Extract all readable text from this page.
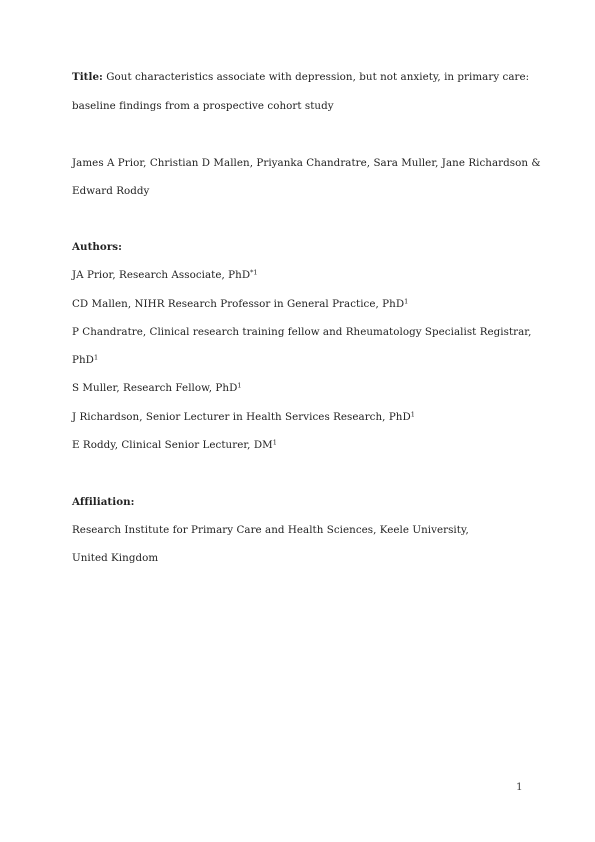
Title: Gout characteristics associate with depression, but not anxiety, in primary care:

baseline findings from a prospective cohort study

James A Prior, Christian D Mallen, Priyanka Chandratre, Sara Muller, Jane Richardson &

Edward Roddy

Authors:

JA Prior, Research Associate, PhD$^{*1}$

CD Mallen, NIHR Research Professor in General Practice, PhD$^1$

P Chandratre, Clinical research training fellow and Rheumatology Specialist Registrar,

PhD$^1$

S Muller, Research Fellow, PhD$^1$

J Richardson, Senior Lecturer in Health Services Research, PhD$^1$

E Roddy, Clinical Senior Lecturer, $DM^1$

Affiliation:

Research Institute for Primary Care and Health Sciences, Keele University,

United Kingdom

1
